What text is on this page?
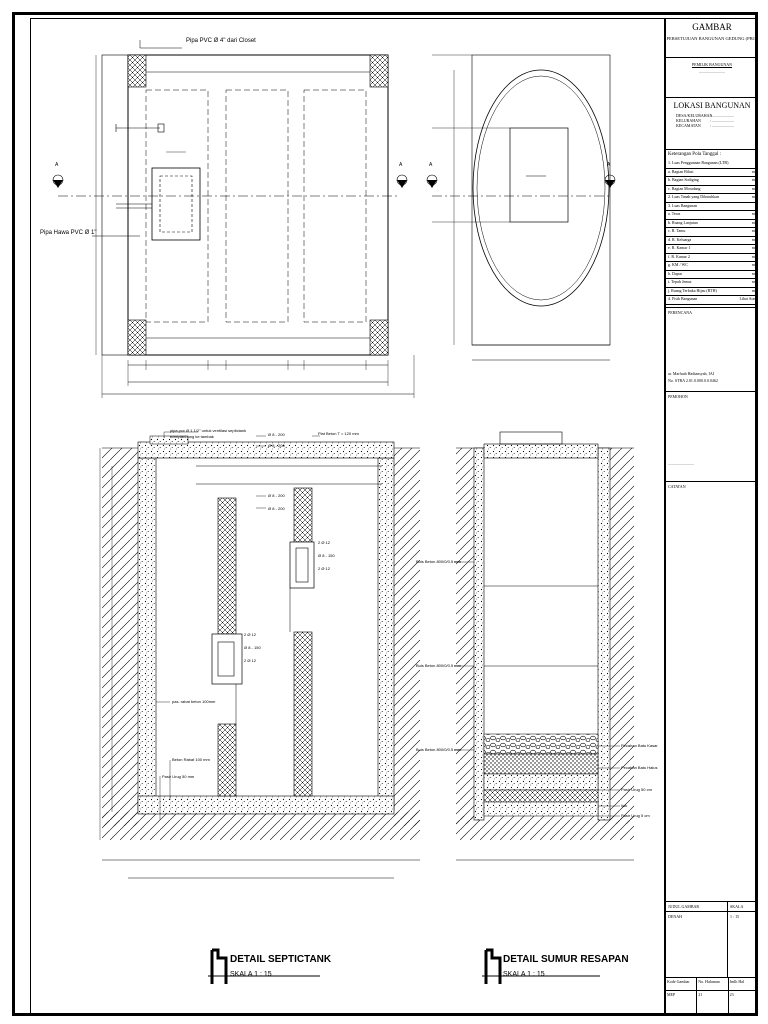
Pipa PVC Ø 4" dari Closet
Pipa Hawa PVC Ø 1"
A	A	A	A
pipa pvc Ø 1 1/2" untuk ventilasi septictank
menyambung ke tambak
Plat Beton T = 120 mm
Ø 8 - 200
Ø 8 - 200
Ø 8 - 200
Ø 8 - 200
2 Ø 12
Ø 8 - 150
2 Ø 12
2 Ø 12
Ø 8 - 150
2 Ø 12
pas. rabat beton 100mm
Beton Rabat 100 mm
Pasir Urug 50 mm
Buis Beton 800/0/0.5 mm
Buis Beton 800/0/0.5 mm
Buis Beton 800/0/0.5 mm
Pecahan Batu Kasar
Pecahan Batu Halus
Pasir Urug 50 cm
Ijuk
Pasir Urug 5 cm
DETAIL SEPTICTANK
SKALA 1 : 15
DETAIL SUMUR RESAPAN
SKALA 1 : 15
GAMBAR
PERSETUJUAN BANGUNAN GEDUNG (PBG)
PEMILIK BANGUNAN
..........................
LOKASI BANGUNAN
DESA/KELURAHAN
: ......................
KELURAHAN	: ......................
KECAMATAN	: ......................
Keterangan Pola Tanggal :
1. Luas Penggunaan Bangunan (LTB)
a. Bagian Bilasi	m²
b. Bagian Sodiging	m²
c. Bagian Moradang	m²
2. Luas Tanah yang Dibutuhkan	m²
3. Luas Bangunan
a. Teras	m²
b. Ruang Lanjutan	m²
c. R. Tamu	m²
d. R. Keluarga	m²
e. R. Kamar 1	m²
f. R. Kamar 2	m²
g. KM / WC	m²
h. Dapur	m²
i. Tepuh Jemur	m²
j. Ruang Terbuka Hijau (RTH)	m²
4. Fisik Bangunan	Lihat Atas
PERENCANA
ar. Marfuah Hadiansyah, IAI
No. STRA 2.01.0.000.0.0.0462
PEMOHON
..........................
CATATAN
JUDUL GAMBAR
DENAH
SKALA
1 : 15
Kode Gambar	No. Halaman	Jmlh Hal
MEP	21	23
